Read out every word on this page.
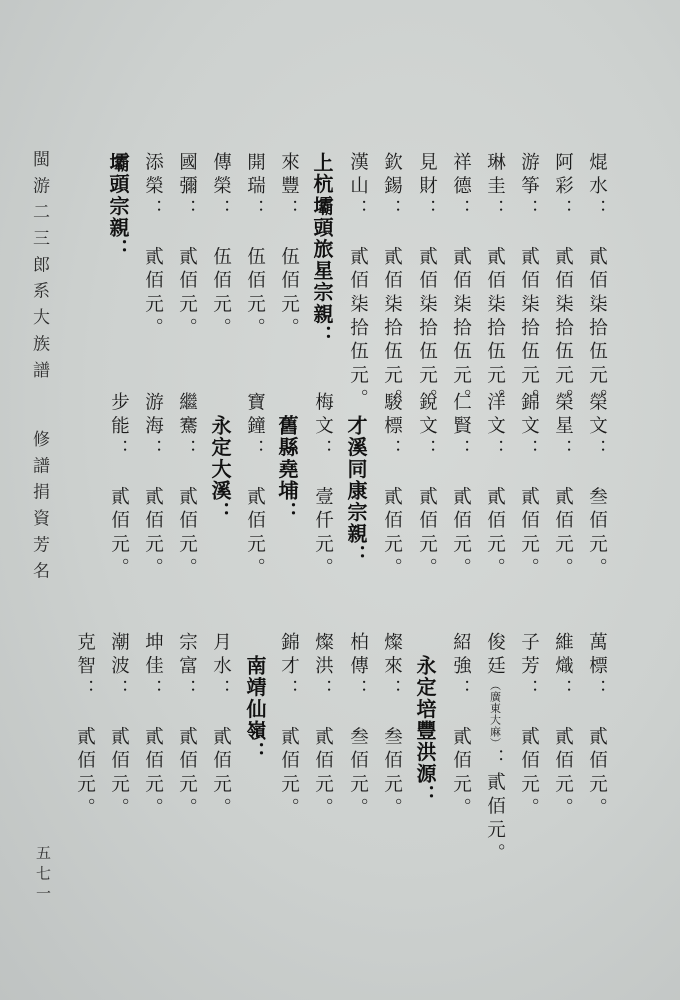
閩游二三郎系大族譜
修譜捐資芳名
五七一
焜水：　貳佰柒拾伍元。
阿彩：　貳佰柒拾伍元。
游筝：　貳佰柒拾伍元。
琳圭：　貳佰柒拾伍元。
祥德：　貳佰柒拾伍元。
見財：　貳佰柒拾伍元。
欽錫：　貳佰柒拾伍元。
漢山：　貳佰柒拾伍元。
上杭壩頭旅星宗親：
來豐：　伍佰元。
開瑞：　伍佰元。
傳榮：　伍佰元。
國彌：　貳佰元。
添榮：　貳佰元。
壩頭宗親：
榮文：　叁佰元。
榮星：　貳佰元。
錦文：　貳佰元。
洋文：　貳佰元。
仁賢：　貳佰元。
銳文：　貳佰元。
駿標：　貳佰元。
才溪同康宗親：
梅文：　壹仟元。
舊縣堯埔：
寶鐘：　貳佰元。
永定大溪：
繼騫：　貳佰元。
游海：　貳佰元。
步能：　貳佰元。
萬標：　貳佰元。
維熾：　貳佰元。
子芳：　貳佰元。
俊廷（廣東大麻）：貳佰元。
紹強：　貳佰元。
永定培豐洪源：
燦來：　叁佰元。
柏傳：　叁佰元。
燦洪：　貳佰元。
錦才：　貳佰元。
南靖仙嶺：
月水：　貳佰元。
宗富：　貳佰元。
坤佳：　貳佰元。
潮波：　貳佰元。
克智：　貳佰元。
